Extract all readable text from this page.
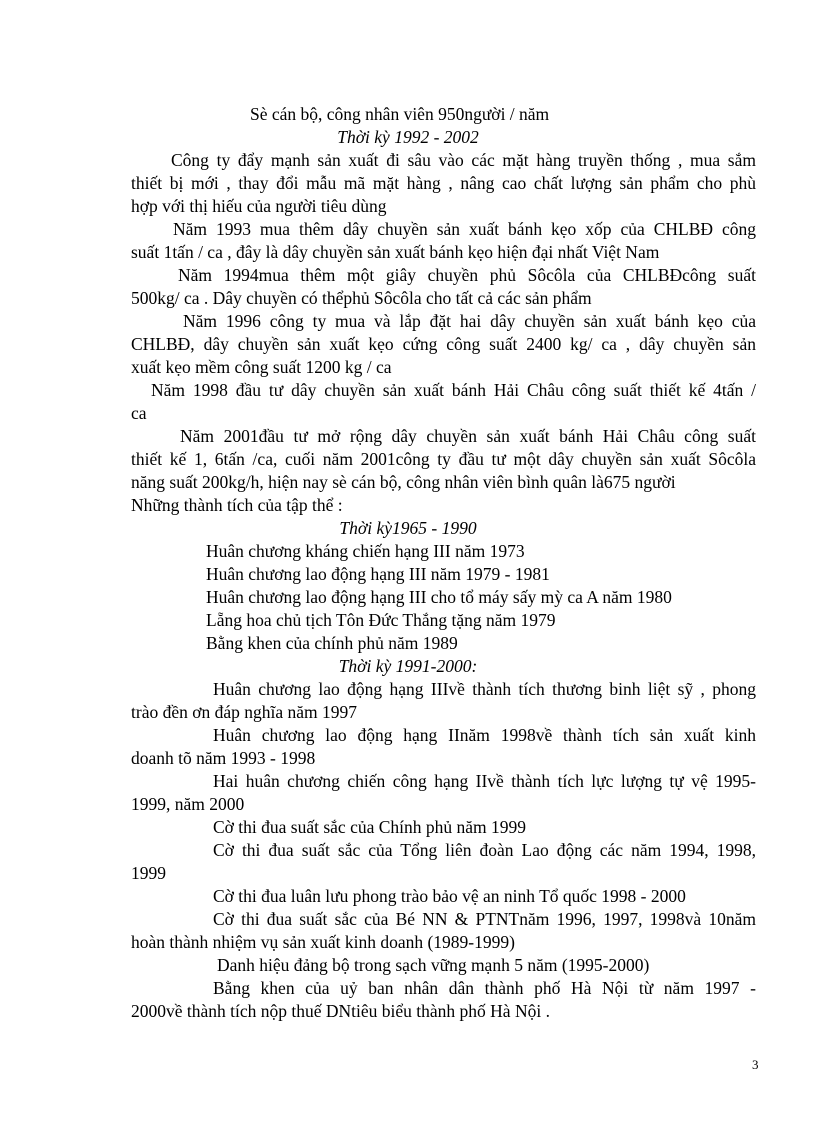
Sè cán bộ, công nhân viên 950người / năm
Thời kỳ 1992 - 2002
Công ty đẩy mạnh sản xuất đi sâu vào các mặt hàng truyền thống , mua sắm
thiết bị mới , thay đổi mẫu mã mặt hàng , nâng cao chất lượng sản phẩm cho phù
hợp với thị hiếu của người tiêu dùng
Năm 1993 mua thêm dây chuyền sản xuất bánh kẹo xốp của CHLBĐ công
suất 1tấn / ca , đây là dây chuyền sản xuất bánh kẹo hiện đại nhất Việt Nam
Năm 1994mua thêm một giây chuyền phủ Sôcôla của CHLBĐcông suất
500kg/ ca . Dây chuyền có thểphủ Sôcôla cho tất cả các sản phẩm
Năm 1996 công ty mua và lắp đặt hai dây chuyền sản xuất bánh kẹo của
CHLBĐ, dây chuyền sản xuất kẹo cứng công suất 2400 kg/ ca , dây chuyền sản
xuất kẹo mềm công suất 1200 kg / ca
Năm 1998 đầu tư dây chuyền sản xuất bánh Hải Châu công suất thiết kế 4tấn /
ca
Năm 2001đầu tư mở rộng dây chuyền sản xuất bánh Hải Châu công suất
thiết kế 1, 6tấn /ca, cuối năm 2001công ty đầu tư một dây chuyền sản xuất Sôcôla
năng suất 200kg/h, hiện nay sè cán bộ, công nhân viên bình quân là675 người
Những thành tích của tập thể :
Thời kỳ1965 - 1990
Huân chương kháng chiến hạng III năm 1973
Huân chương lao động hạng III năm 1979 - 1981
Huân chương lao động hạng III cho tổ máy sấy mỳ ca A năm 1980
Lẵng hoa chủ tịch Tôn Đức Thắng tặng năm 1979
Bằng khen của chính phủ năm 1989
Thời kỳ 1991-2000:
Huân chương lao động hạng IIIvề thành tích thương binh liệt sỹ , phong
trào đền ơn đáp nghĩa năm 1997
Huân chương lao động hạng IInăm 1998về thành tích sản xuất kinh
doanh tõ năm 1993 - 1998
Hai huân chương chiến công hạng IIvề thành tích lực lượng tự vệ 1995-
1999, năm 2000
Cờ thi đua suất sắc của Chính phủ năm 1999
Cờ thi đua suất sắc của Tổng liên đoàn Lao động các năm 1994, 1998,
1999
Cờ thi đua luân lưu phong trào bảo vệ an ninh Tổ quốc 1998 - 2000
Cờ thi đua suất sắc của Bé NN & PTNTnăm 1996, 1997, 1998và 10năm
hoàn thành nhiệm vụ sản xuất kinh doanh (1989-1999)
Danh hiệu đảng bộ trong sạch vững mạnh 5 năm (1995-2000)
Bằng khen của uỷ ban nhân dân thành phố Hà Nội từ năm 1997 -
2000về thành tích nộp thuế DNtiêu biểu thành phố Hà Nội .
3
